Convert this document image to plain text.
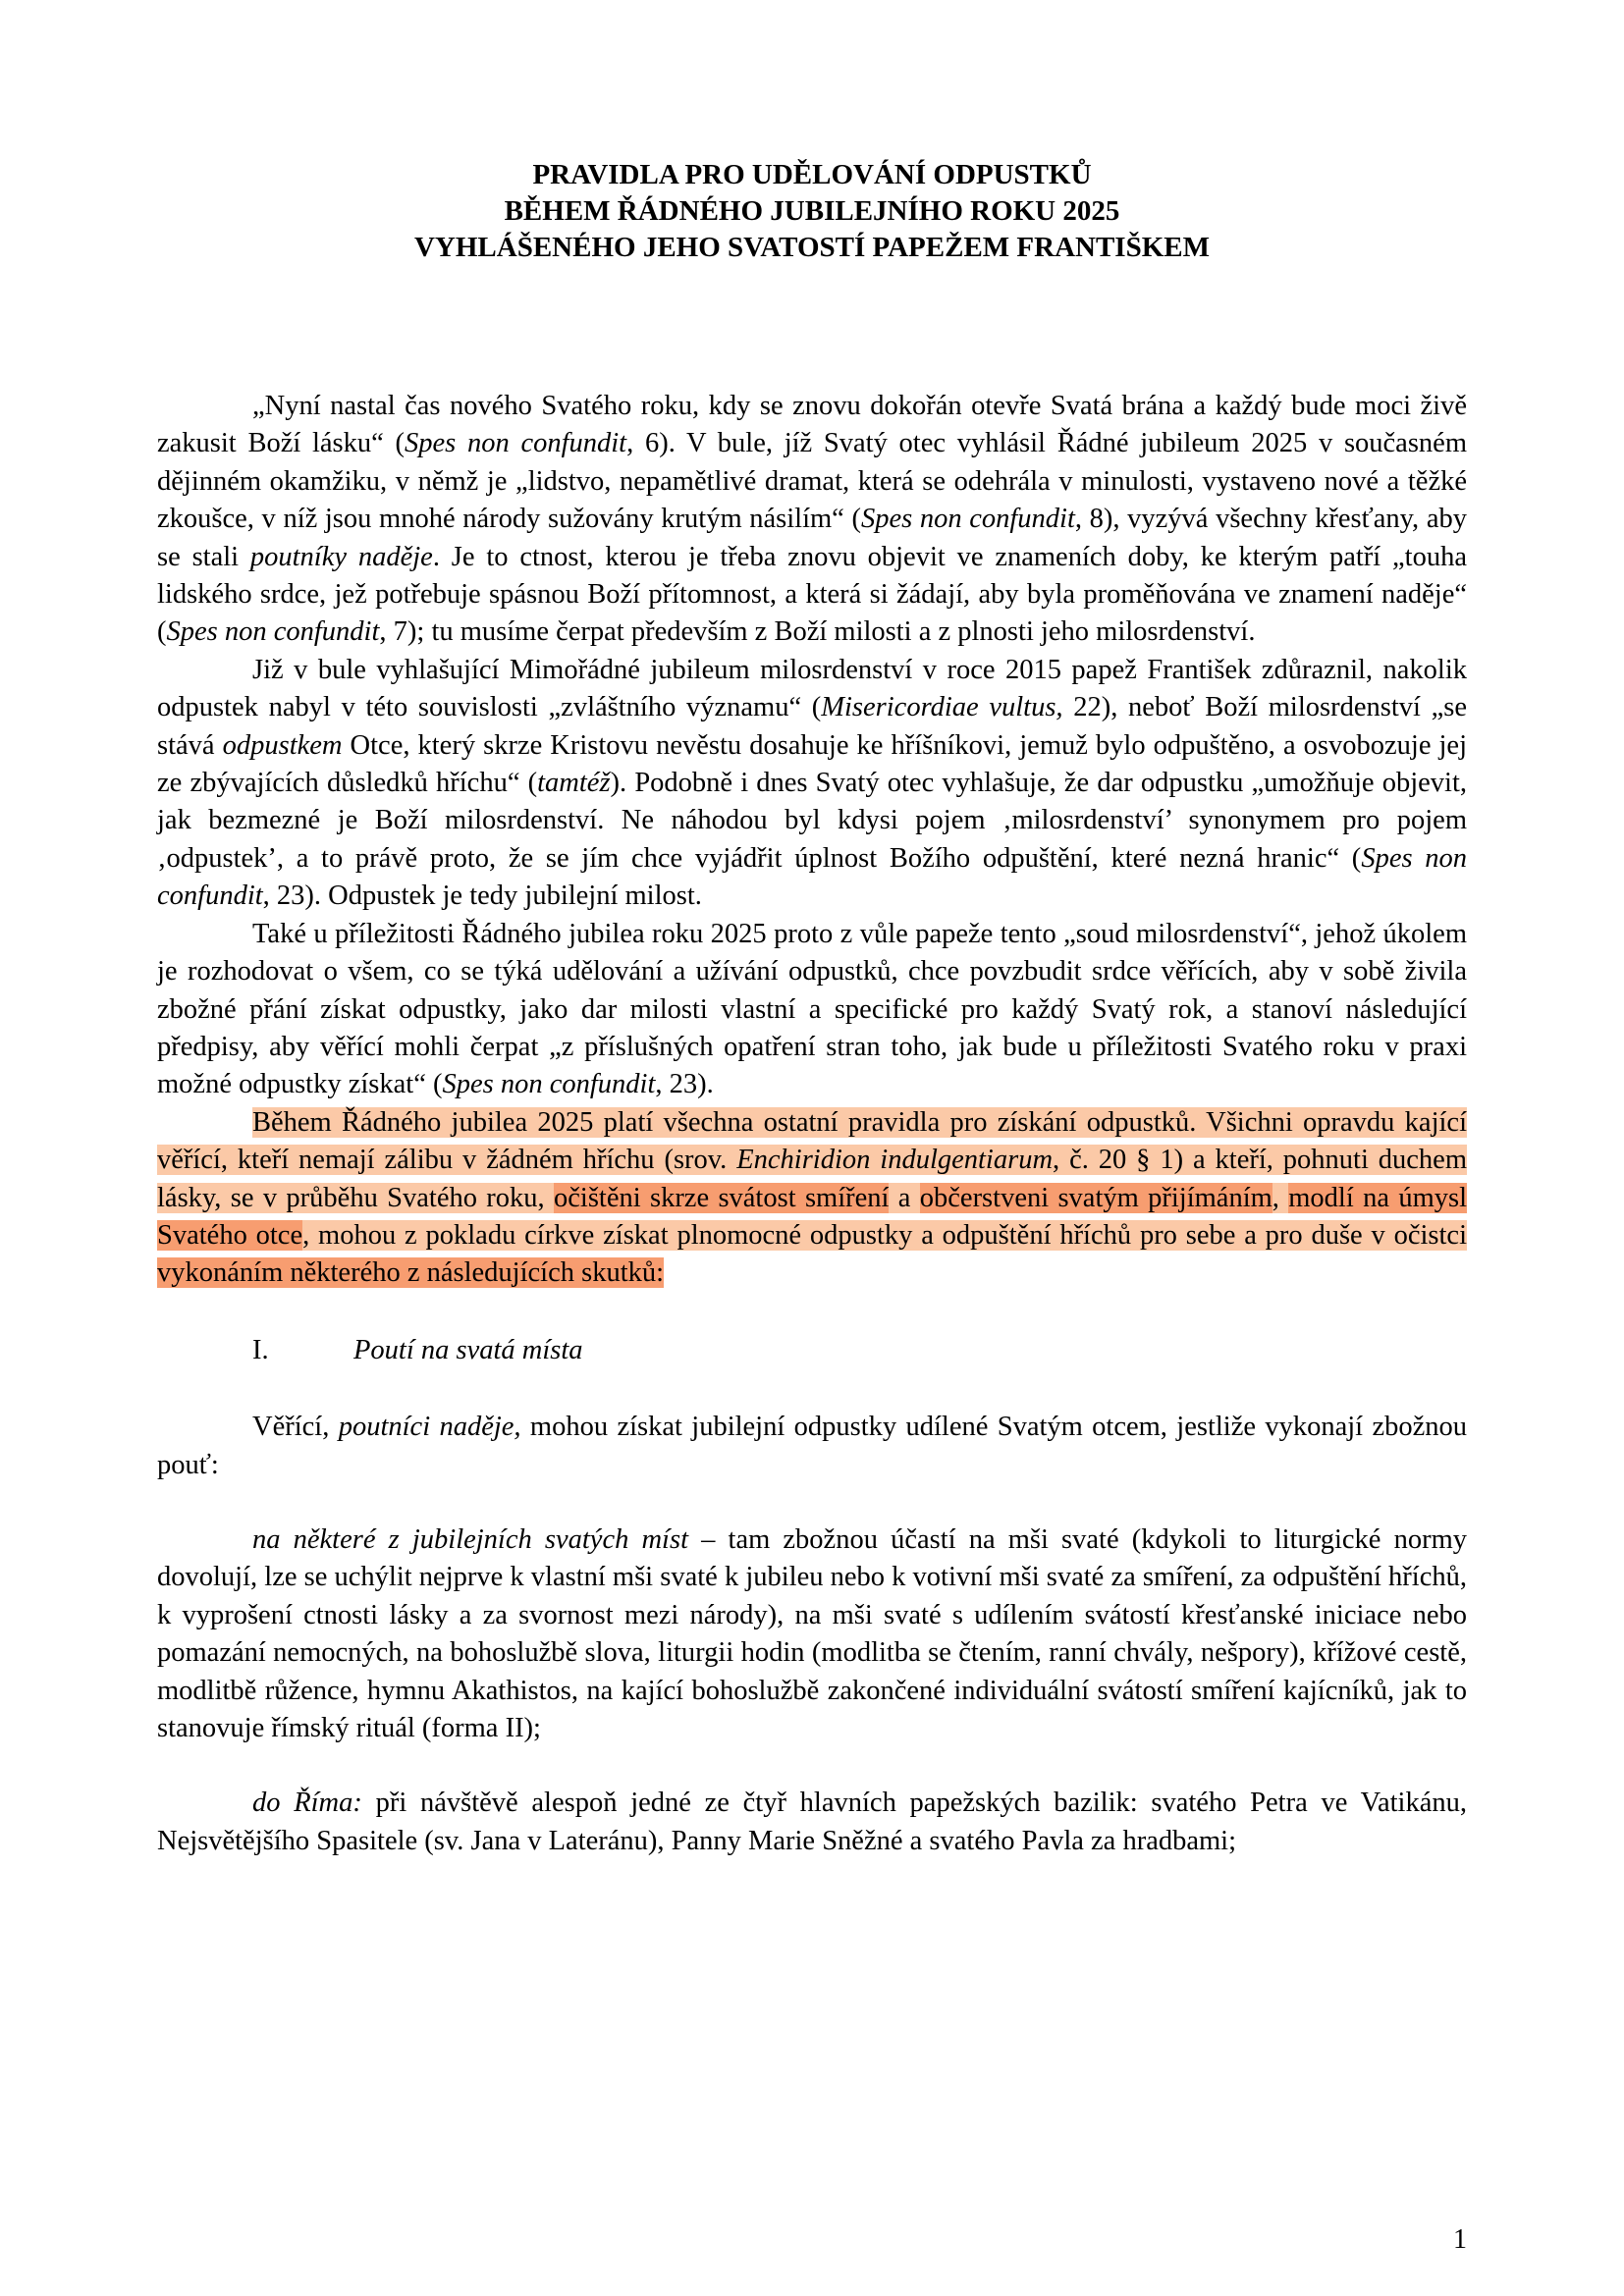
PRAVIDLA PRO UDĚLOVÁNÍ ODPUSTKŮ
BĚHEM ŘÁDNÉHO JUBILEJNÍHO ROKU 2025
VYHLÁŠENÉHO JEHO SVATOSTÍ PAPEŽEM FRANTIŠKEM

„Nyní nastal čas nového Svatého roku, kdy se znovu dokořán otevře Svatá brána a každý bude moci živě zakusit Boží lásku“ (Spes non confundit, 6). V bule, jíž Svatý otec vyhlásil Řádné jubileum 2025 v současném dějinném okamžiku, v němž je „lidstvo, nepamětlivé dramat, která se odehrála v minulosti, vystaveno nové a těžké zkoušce, v níž jsou mnohé národy sužovány krutým násilím“ (Spes non confundit, 8), vyzývá všechny křesťany, aby se stali poutníky naděje. Je to ctnost, kterou je třeba znovu objevit ve znameních doby, ke kterým patří „touha lidského srdce, jež potřebuje spásnou Boží přítomnost, a která si žádají, aby byla proměňována ve znamení naděje“ (Spes non confundit, 7); tu musíme čerpat především z Boží milosti a z plnosti jeho milosrdenství.

Již v bule vyhlašující Mimořádné jubileum milosrdenství v roce 2015 papež František zdůraznil, nakolik odpustek nabyl v této souvislosti „zvláštního významu“ (Misericordiae vultus, 22), neboť Boží milosrdenství „se stává odpustkem Otce, který skrze Kristovu nevěstu dosahuje ke hříšníkovi, jemuž bylo odpuštěno, a osvobozuje jej ze zbývajících důsledků hříchu“ (tamtéž). Podobně i dnes Svatý otec vyhlašuje, že dar odpustku „umožňuje objevit, jak bezmezné je Boží milosrdenství. Ne náhodou byl kdysi pojem ‚milosrdenství’ synonymem pro pojem ‚odpustek’, a to právě proto, že se jím chce vyjádřit úplnost Božího odpuštění, které nezná hranic“ (Spes non confundit, 23). Odpustek je tedy jubilejní milost.

Také u příležitosti Řádného jubilea roku 2025 proto z vůle papeže tento „soud milosrdenství“, jehož úkolem je rozhodovat o všem, co se týká udělování a užívání odpustků, chce povzbudit srdce věřících, aby v sobě živila zbožné přání získat odpustky, jako dar milosti vlastní a specifické pro každý Svatý rok, a stanoví následující předpisy, aby věřící mohli čerpat „z příslušných opatření stran toho, jak bude u příležitosti Svatého roku v praxi možné odpustky získat“ (Spes non confundit, 23).

Během Řádného jubilea 2025 platí všechna ostatní pravidla pro získání odpustků. Všichni opravdu kající věřící, kteří nemají zálibu v žádném hříchu (srov. Enchiridion indulgentiarum, č. 20 § 1) a kteří, pohnuti duchem lásky, se v průběhu Svatého roku, očištěni skrze svátost smíření a občerstveni svatým přijímáním, modlí na úmysl Svatého otce, mohou z pokladu církve získat plnomocné odpustky a odpuštění hříchů pro sebe a pro duše v očistci vykonáním některého z následujících skutků:

I.	Poutí na svatá místa

Věřící, poutníci naděje, mohou získat jubilejní odpustky udílené Svatým otcem, jestliže vykonají zbožnou pouť:

na některé z jubilejních svatých míst – tam zbožnou účastí na mši svaté (kdykoli to liturgické normy dovolují, lze se uchýlit nejprve k vlastní mši svaté k jubileu nebo k votivní mši svaté za smíření, za odpuštění hříchů, k vyprošení ctnosti lásky a za svornost mezi národy), na mši svaté s udílením svátostí křesťanské iniciace nebo pomazání nemocných, na bohoslužbě slova, liturgii hodin (modlitba se čtením, ranní chvály, nešpory), křížové cestě, modlitbě růžence, hymnu Akathistos, na kající bohoslužbě zakončené individuální svátostí smíření kajícníků, jak to stanovuje římský rituál (forma II);

do Říma: při návštěvě alespoň jedné ze čtyř hlavních papežských bazilik: svatého Petra ve Vatikánu, Nejsvětějšího Spasitele (sv. Jana v Lateránu), Panny Marie Sněžné a svatého Pavla za hradbami;

1
